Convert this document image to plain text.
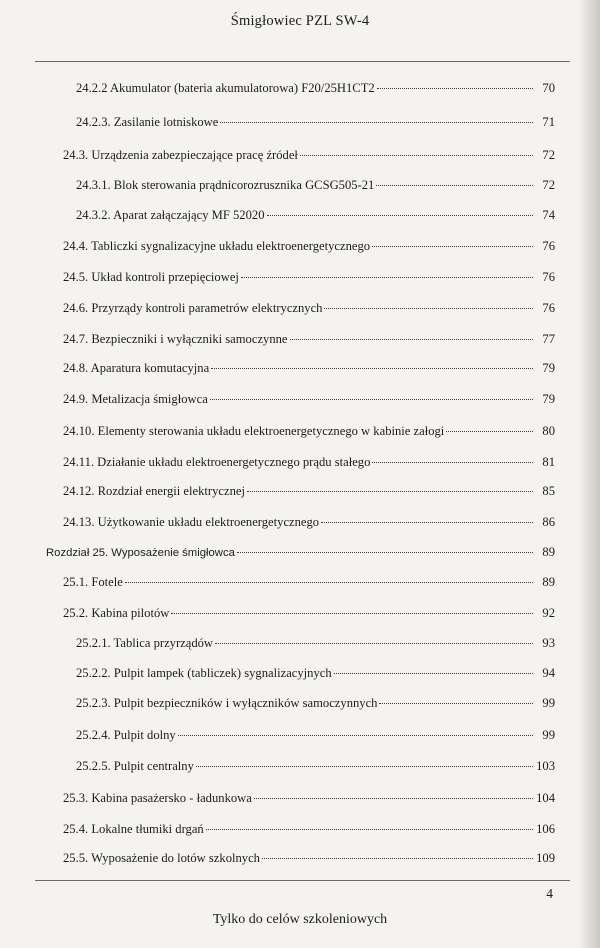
Śmigłowiec PZL SW-4
24.2.2 Akumulator (bateria akumulatorowa) F20/25H1CT2	70
24.2.3. Zasilanie lotniskowe	71
24.3. Urządzenia zabezpieczające pracę źródeł	72
24.3.1. Blok sterowania prądnicorozrusznika GCSG505-21	72
24.3.2. Aparat załączający MF 52020	74
24.4. Tabliczki sygnalizacyjne układu elektroenergetycznego	76
24.5. Układ kontroli przepięciowej	76
24.6. Przyrządy kontroli parametrów elektrycznych	76
24.7. Bezpieczniki i wyłączniki samoczynne	77
24.8. Aparatura komutacyjna	79
24.9. Metalizacja śmigłowca	79
24.10. Elementy sterowania układu elektroenergetycznego w kabinie załogi	80
24.11. Działanie układu elektroenergetycznego prądu stałego	81
24.12. Rozdział energii elektrycznej	85
24.13. Użytkowanie układu elektroenergetycznego	86
Rozdział 25. Wyposażenie śmigłowca	89
25.1. Fotele	89
25.2. Kabina pilotów	92
25.2.1. Tablica przyrządów	93
25.2.2. Pulpit lampek (tabliczek) sygnalizacyjnych	94
25.2.3. Pulpit bezpieczników i wyłączników samoczynnych	99
25.2.4. Pulpit dolny	99
25.2.5. Pulpit centralny	103
25.3. Kabina pasażersko - ładunkowa	104
25.4. Lokalne tłumiki drgań	106
25.5. Wyposażenie do lotów szkolnych	109
4
Tylko do celów szkoleniowych
